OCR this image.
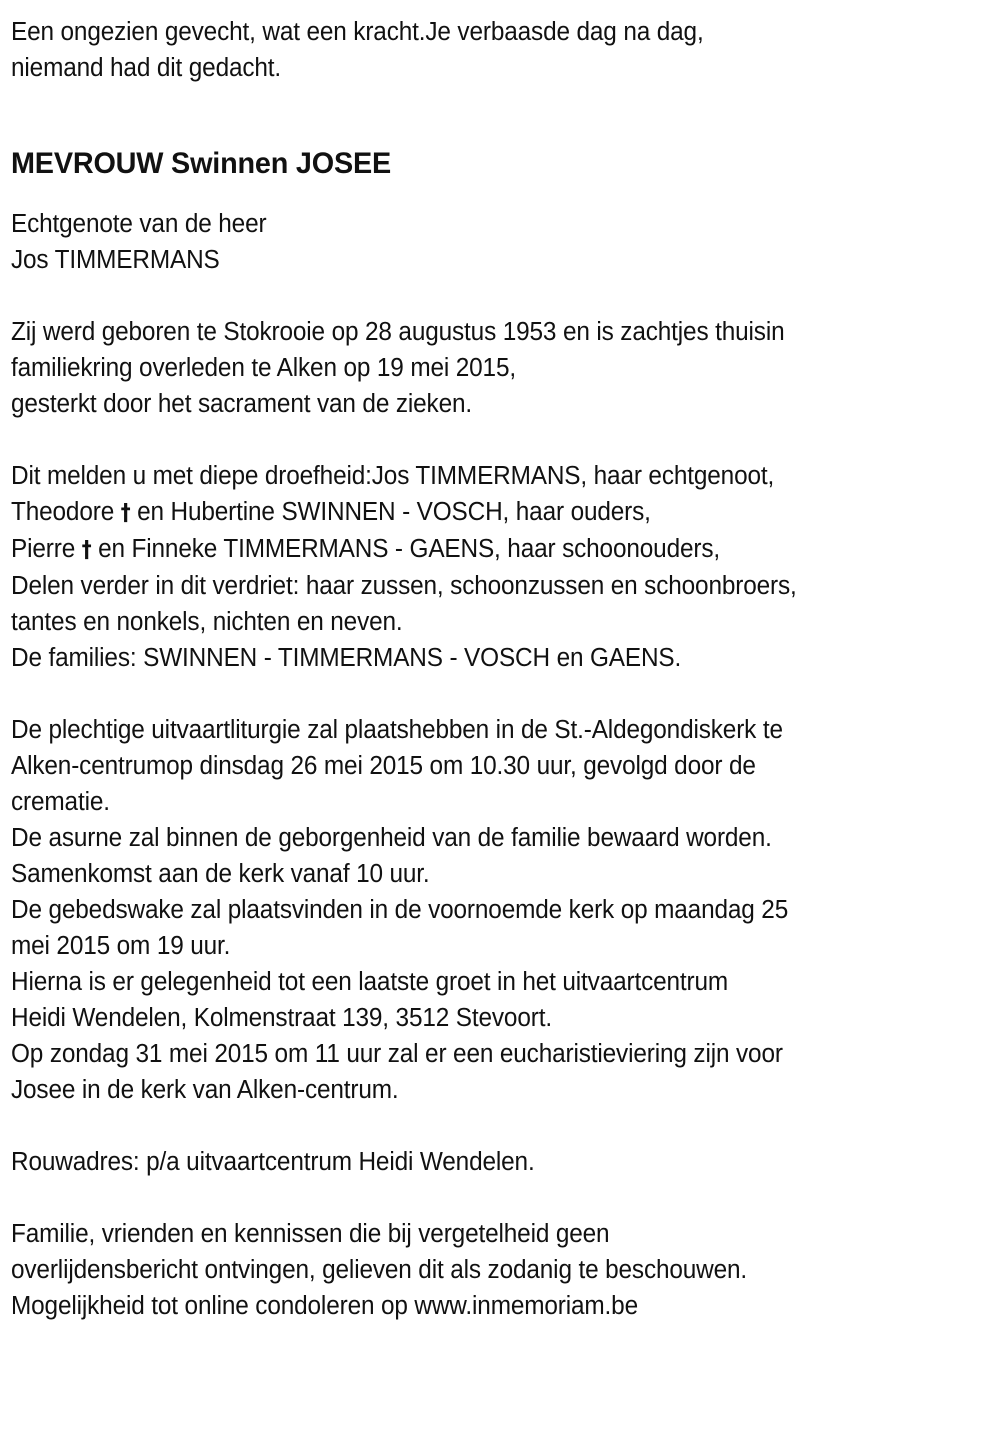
Een ongezien gevecht, wat een kracht.Je verbaasde dag na dag,
niemand had dit gedacht.
MEVROUW Swinnen JOSEE
Echtgenote van de heer
Jos TIMMERMANS
Zij werd geboren te Stokrooie op 28 augustus 1953 en is zachtjes thuisin
familiekring overleden te Alken op 19 mei 2015,
gesterkt door het sacrament van de zieken.
Dit melden u met diepe droefheid:Jos TIMMERMANS, haar echtgenoot,
Theodore † en Hubertine SWINNEN - VOSCH, haar ouders,
Pierre † en Finneke TIMMERMANS - GAENS, haar schoonouders,
Delen verder in dit verdriet: haar zussen, schoonzussen en schoonbroers,
tantes en nonkels, nichten en neven.
De families: SWINNEN - TIMMERMANS - VOSCH en GAENS.
De plechtige uitvaartliturgie zal plaatshebben in de St.-Aldegondiskerk te
Alken-centrumop dinsdag 26 mei 2015 om 10.30 uur, gevolgd door de
crematie.
De asurne zal binnen de geborgenheid van de familie bewaard worden.
Samenkomst aan de kerk vanaf 10 uur.
De gebedswake zal plaatsvinden in de voornoemde kerk op maandag 25
mei 2015 om 19 uur.
Hierna is er gelegenheid tot een laatste groet in het uitvaartcentrum
Heidi Wendelen, Kolmenstraat 139, 3512 Stevoort.
Op zondag 31 mei 2015 om 11 uur zal er een eucharistieviering zijn voor
Josee in de kerk van Alken-centrum.
Rouwadres: p/a uitvaartcentrum Heidi Wendelen.
Familie, vrienden en kennissen die bij vergetelheid geen
overlijdensbericht ontvingen, gelieven dit als zodanig te beschouwen.
Mogelijkheid tot online condoleren op www.inmemoriam.be
